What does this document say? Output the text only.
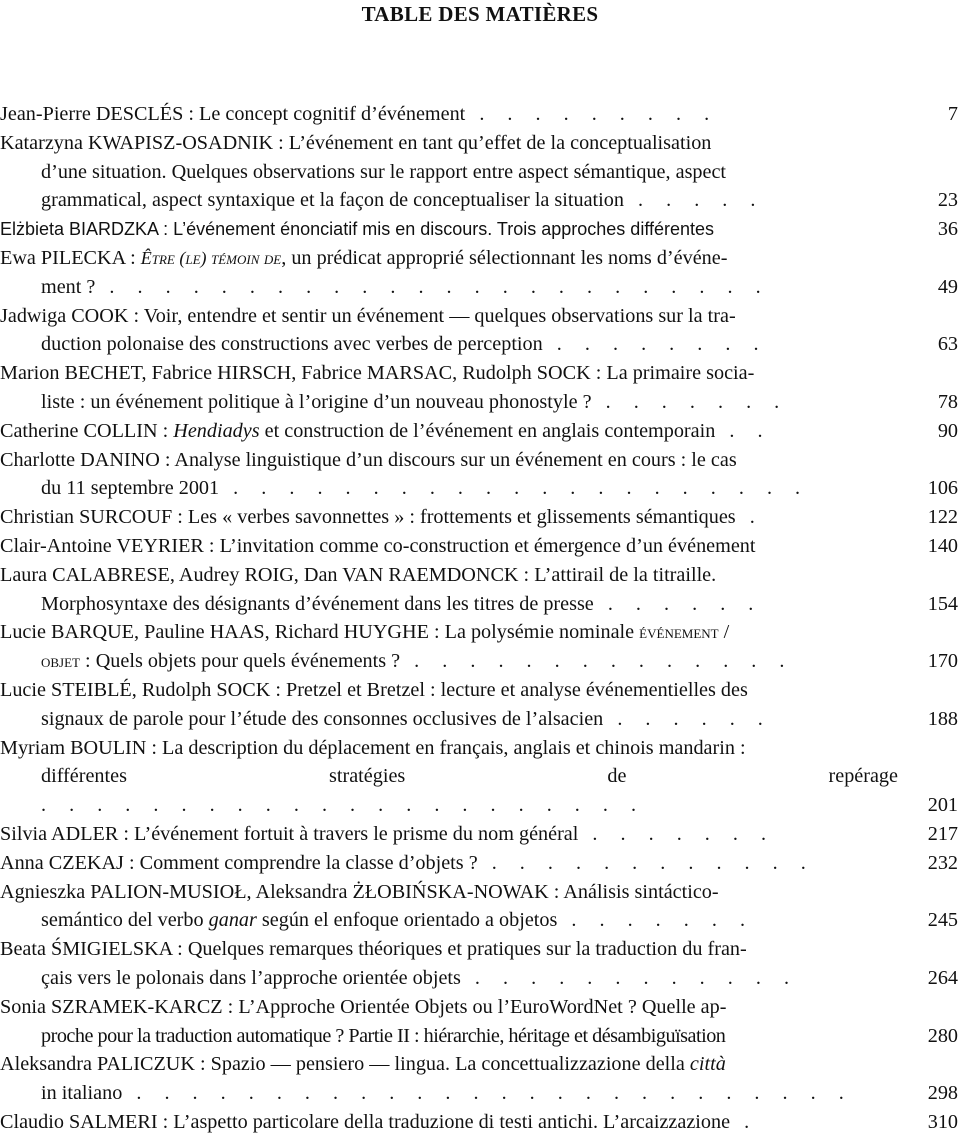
TABLE DES MATIÈRES
Jean-Pierre DESCLÉS : Le concept cognitif d’événement . . . . . . . . .	7
Katarzyna KWAPISZ-OSADNIK : L’événement en tant qu’effet de la conceptualisation
d’une situation. Quelques observations sur le rapport entre aspect sémantique, aspect
grammatical, aspect syntaxique et la façon de conceptualiser la situation . . . . .	23
Elżbieta BIARDZKA : L’événement énonciatif mis en discours. Trois approches différentes	36
Ewa PILECKA : Être (le) témoin de, un prédicat approprié sélectionnant les noms d’événe-
ment ? . . . . . . . . . . . . . . . . . . . . . . . .	49
Jadwiga COOK : Voir, entendre et sentir un événement — quelques observations sur la tra-
duction polonaise des constructions avec verbes de perception . . . . . . . .	63
Marion BECHET, Fabrice HIRSCH, Fabrice MARSAC, Rudolph SOCK : La primaire socia-
liste : un événement politique à l’origine d’un nouveau phonostyle ? . . . . . . .	78
Catherine COLLIN : Hendiadys et construction de l’événement en anglais contemporain . .	90
Charlotte DANINO : Analyse linguistique d’un discours sur un événement en cours : le cas
du 11 septembre 2001 . . . . . . . . . . . . . . . . . . . . .	106
Christian SURCOUF : Les « verbes savonnettes » : frottements et glissements sémantiques .	122
Clair-Antoine VEYRIER : L’invitation comme co-construction et émergence d’un événement	140
Laura CALABRESE, Audrey ROIG, Dan VAN RAEMDONCK : L’attirail de la titraille.
Morphosyntaxe des désignants d’événement dans les titres de presse . . . . . .	154
Lucie BARQUE, Pauline HAAS, Richard HUYGHE : La polysémie nominale événement /
objet : Quels objets pour quels événements ? . . . . . . . . . . . . . .	170
Lucie STEIBLÉ, Rudolph SOCK : Pretzel et Bretzel : lecture et analyse événementielles des
signaux de parole pour l’étude des consonnes occlusives de l’alsacien . . . . . .	188
Myriam BOULIN : La description du déplacement en français, anglais et chinois mandarin :
différentes stratégies de repérage . . . . . . . . . . . . . . . . . . . . . .	201
Silvia ADLER : L’événement fortuit à travers le prisme du nom général . . . . . . .	217
Anna CZEKAJ : Comment comprendre la classe d’objets ? . . . . . . . . . . . .	232
Agnieszka PALION-MUSIOŁ, Aleksandra ŻŁOBIŃSKA-NOWAK : Análisis sintáctico-
semántico del verbo ganar según el enfoque orientado a objetos . . . . . . .	245
Beata ŚMIGIELSKA : Quelques remarques théoriques et pratiques sur la traduction du fran-
çais vers le polonais dans l’approche orientée objets . . . . . . . . . . . .	264
Sonia SZRAMEK-KARCZ : L’Approche Orientée Objets ou l’EuroWordNet ? Quelle ap-
proche pour la traduction automatique ? Partie II : hiérarchie, héritage et désambiguïsation	280
Aleksandra PALICZUK : Spazio — pensiero — lingua. La concettualizzazione della città
in italiano . . . . . . . . . . . . . . . . . . . . . . . . . .	298
Claudio SALMERI : L’aspetto particolare della traduzione di testi antichi. L’arcaizzazione .	310
